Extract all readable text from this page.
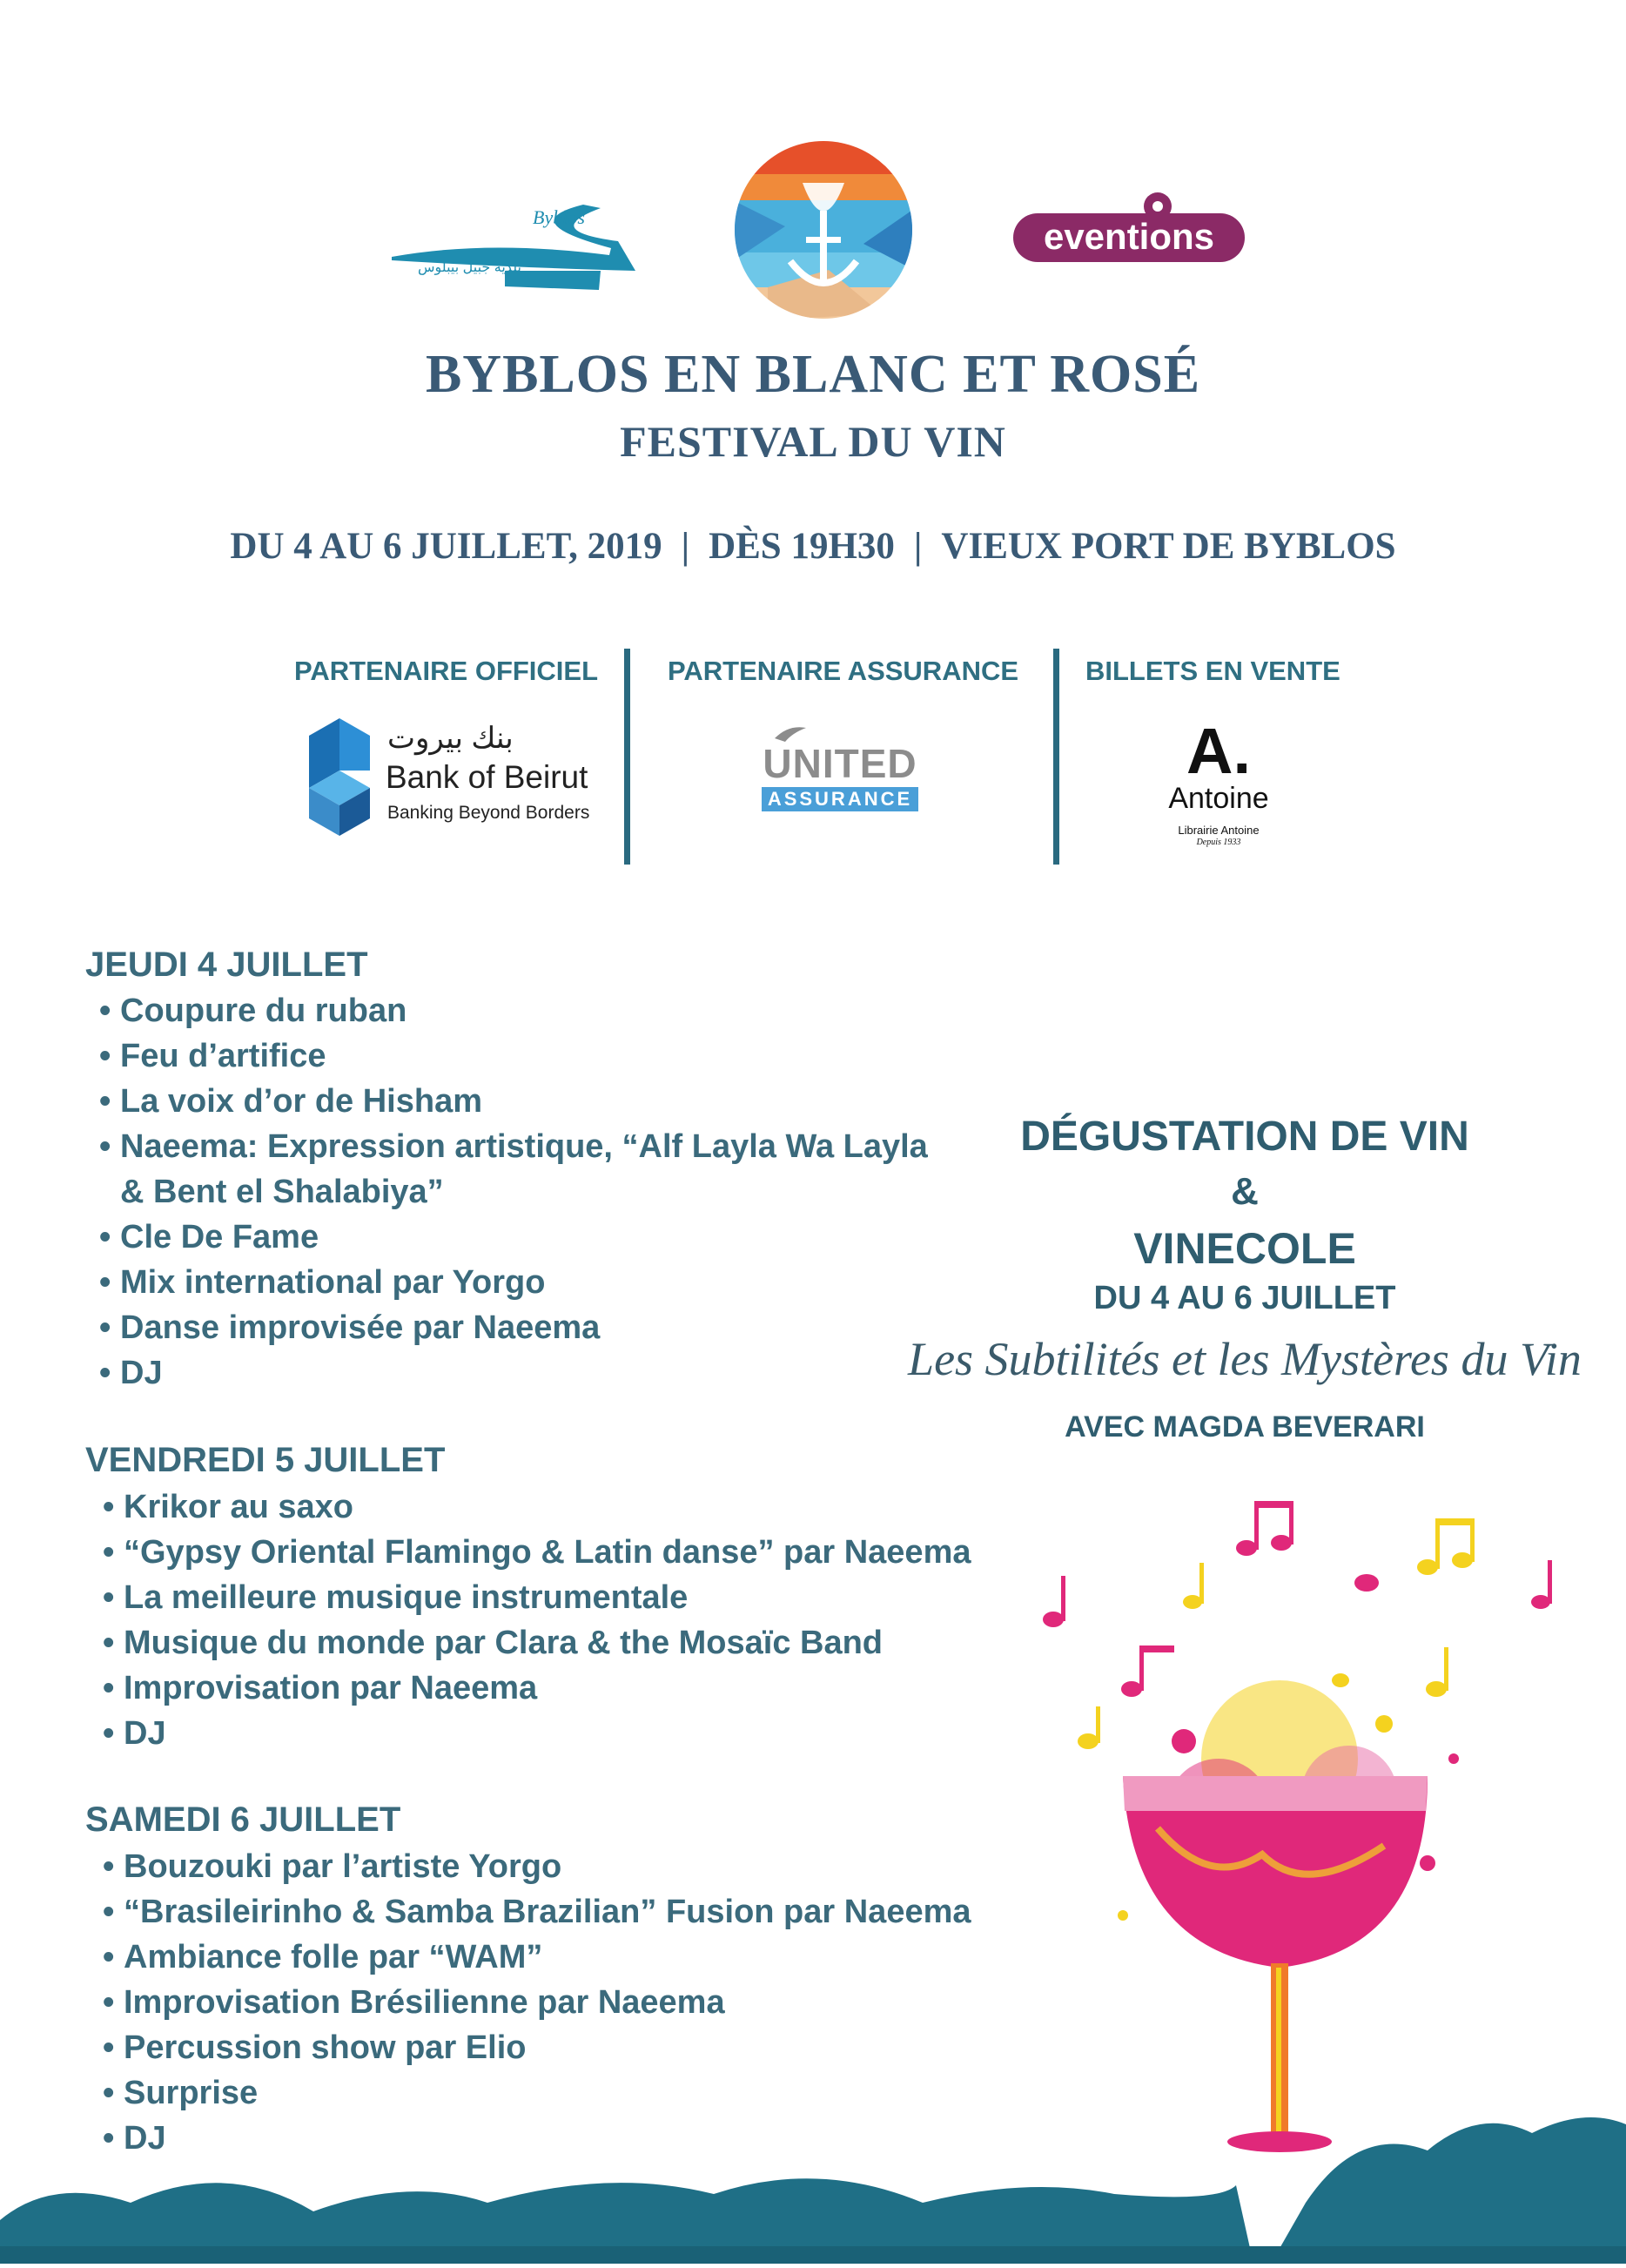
Byblos
بلدية جبيل بيبلوس
eventions
BYBLOS EN BLANC ET ROSÉ
FESTIVAL DU VIN
DU 4 AU 6 JUILLET, 2019 | DÈS 19H30 | VIEUX PORT DE BYBLOS
PARTENAIRE OFFICIEL	PARTENAIRE ASSURANCE BILLETS EN VENTE
بنك بيروت
Bank of Beirut
Banking Beyond Borders
UNITED
ASSURANCE
A.
Antoine
Librairie Antoine
Depuis 1933
JEUDI 4 JUILLET
• Coupure du ruban
• Feu d’artifice
• La voix d’or de Hisham
• Naeema: Expression artistique, “Alf Layla Wa Layla
& Bent el Shalabiya”
• Cle De Fame
• Mix international par Yorgo
• Danse improvisée par Naeema
• DJ
VENDREDI 5 JUILLET
• Krikor au saxo
• “Gypsy Oriental Flamingo & Latin danse” par Naeema
• La meilleure musique instrumentale
• Musique du monde par Clara & the Mosaïc Band
• Improvisation par Naeema
• DJ
SAMEDI 6 JUILLET
• Bouzouki par l’artiste Yorgo
• “Brasileirinho & Samba Brazilian” Fusion par Naeema
• Ambiance folle par “WAM”
• Improvisation Brésilienne par Naeema
• Percussion show par Elio
• Surprise
• DJ
DÉGUSTATION DE VIN
&
VINECOLE
DU 4 AU 6 JUILLET
Les Subtilités et les Mystères du Vin
AVEC MAGDA BEVERARI
